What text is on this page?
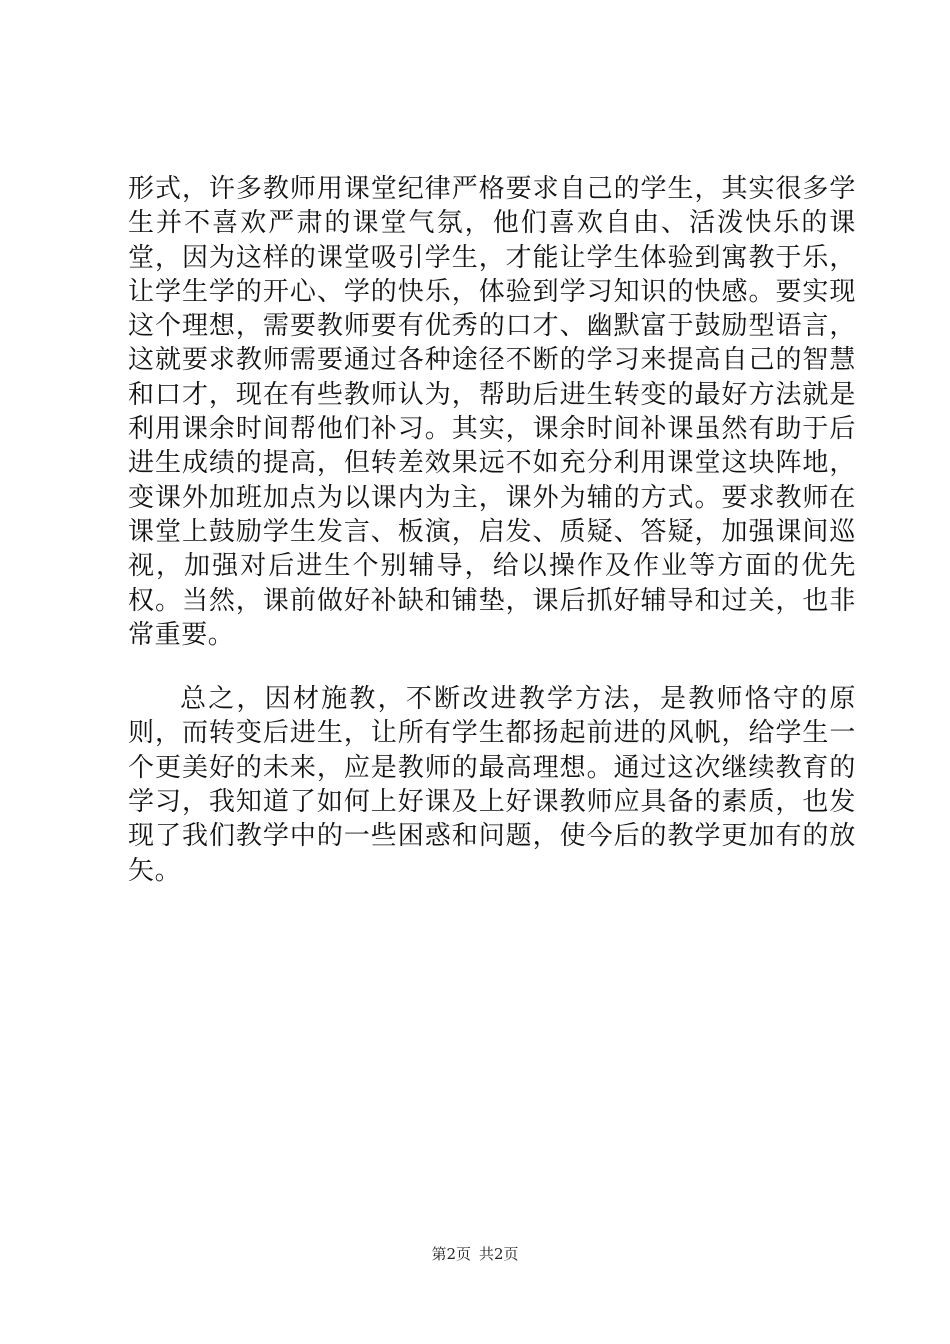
形式，许多教师用课堂纪律严格要求自己的学生，其实很多学生并不喜欢严肃的课堂气氛，他们喜欢自由、活泼快乐的课堂，因为这样的课堂吸引学生，才能让学生体验到寓教于乐，让学生学的开心、学的快乐，体验到学习知识的快感。要实现这个理想，需要教师要有优秀的口才、幽默富于鼓励型语言，这就要求教师需要通过各种途径不断的学习来提高自己的智慧和口才，现在有些教师认为，帮助后进生转变的最好方法就是利用课余时间帮他们补习。其实，课余时间补课虽然有助于后进生成绩的提高，但转差效果远不如充分利用课堂这块阵地，变课外加班加点为以课内为主，课外为辅的方式。要求教师在课堂上鼓励学生发言、板演，启发、质疑、答疑，加强课间巡视，加强对后进生个别辅导，给以操作及作业等方面的优先权。当然，课前做好补缺和铺垫，课后抓好辅导和过关，也非常重要。

总之，因材施教，不断改进教学方法，是教师恪守的原则，而转变后进生，让所有学生都扬起前进的风帆，给学生一个更美好的未来，应是教师的最高理想。通过这次继续教育的学习，我知道了如何上好课及上好课教师应具备的素质，也发现了我们教学中的一些困惑和问题，使今后的教学更加有的放矢。

第2页 共2页
